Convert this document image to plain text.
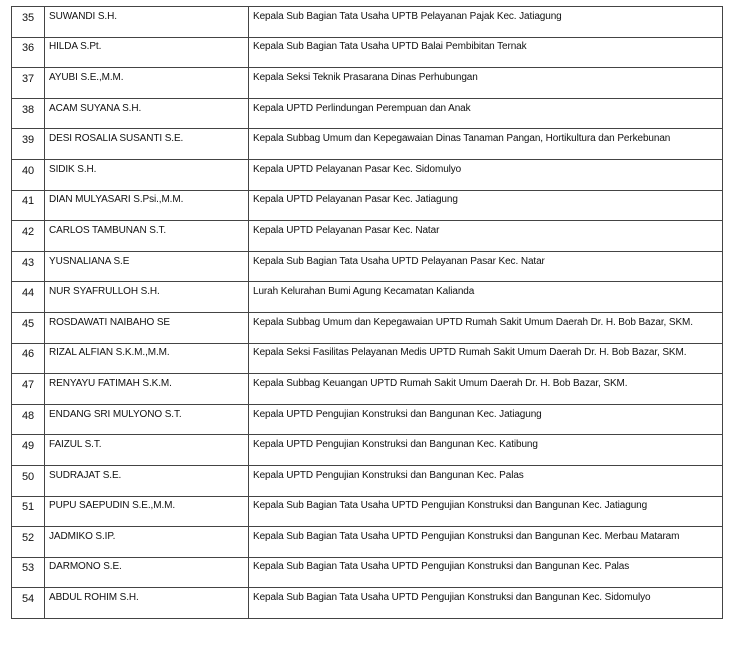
35	SUWANDI S.H.	Kepala Sub Bagian Tata Usaha UPTB Pelayanan Pajak Kec. Jatiagung
36	HILDA S.Pt.	Kepala Sub Bagian Tata Usaha UPTD Balai Pembibitan Ternak
37	AYUBI S.E.,M.M.	Kepala Seksi Teknik Prasarana Dinas Perhubungan
38	ACAM SUYANA S.H.	Kepala UPTD Perlindungan Perempuan dan Anak
39	DESI ROSALIA SUSANTI S.E.	Kepala Subbag Umum dan Kepegawaian Dinas Tanaman Pangan, Hortikultura dan Perkebunan
40	SIDIK S.H.	Kepala UPTD Pelayanan Pasar Kec. Sidomulyo
41	DIAN MULYASARI S.Psi.,M.M.	Kepala UPTD Pelayanan Pasar Kec. Jatiagung
42	CARLOS TAMBUNAN S.T.	Kepala UPTD Pelayanan Pasar Kec. Natar
43	YUSNALIANA S.E	Kepala Sub Bagian Tata Usaha UPTD Pelayanan Pasar Kec. Natar
44	NUR SYAFRULLOH S.H.	Lurah Kelurahan Bumi Agung Kecamatan Kalianda
45	ROSDAWATI NAIBAHO SE	Kepala Subbag Umum dan Kepegawaian UPTD Rumah Sakit Umum Daerah Dr. H. Bob Bazar, SKM.
46	RIZAL ALFIAN S.K.M.,M.M.	Kepala Seksi Fasilitas Pelayanan Medis UPTD Rumah Sakit Umum Daerah Dr. H. Bob Bazar, SKM.
47	RENYAYU FATIMAH S.K.M.	Kepala Subbag Keuangan UPTD Rumah Sakit Umum Daerah Dr. H. Bob Bazar, SKM.
48	ENDANG SRI MULYONO S.T.	Kepala UPTD Pengujian Konstruksi dan Bangunan Kec. Jatiagung
49	FAIZUL S.T.	Kepala UPTD Pengujian Konstruksi dan Bangunan Kec. Katibung
50	SUDRAJAT S.E.	Kepala UPTD Pengujian Konstruksi dan Bangunan Kec. Palas
51	PUPU SAEPUDIN S.E.,M.M.	Kepala Sub Bagian Tata Usaha UPTD Pengujian Konstruksi dan Bangunan Kec. Jatiagung
52	JADMIKO S.IP.	Kepala Sub Bagian Tata Usaha UPTD Pengujian Konstruksi dan Bangunan Kec. Merbau Mataram
53	DARMONO S.E.	Kepala Sub Bagian Tata Usaha UPTD Pengujian Konstruksi dan Bangunan Kec. Palas
54	ABDUL ROHIM S.H.	Kepala Sub Bagian Tata Usaha UPTD Pengujian Konstruksi dan Bangunan Kec. Sidomulyo
